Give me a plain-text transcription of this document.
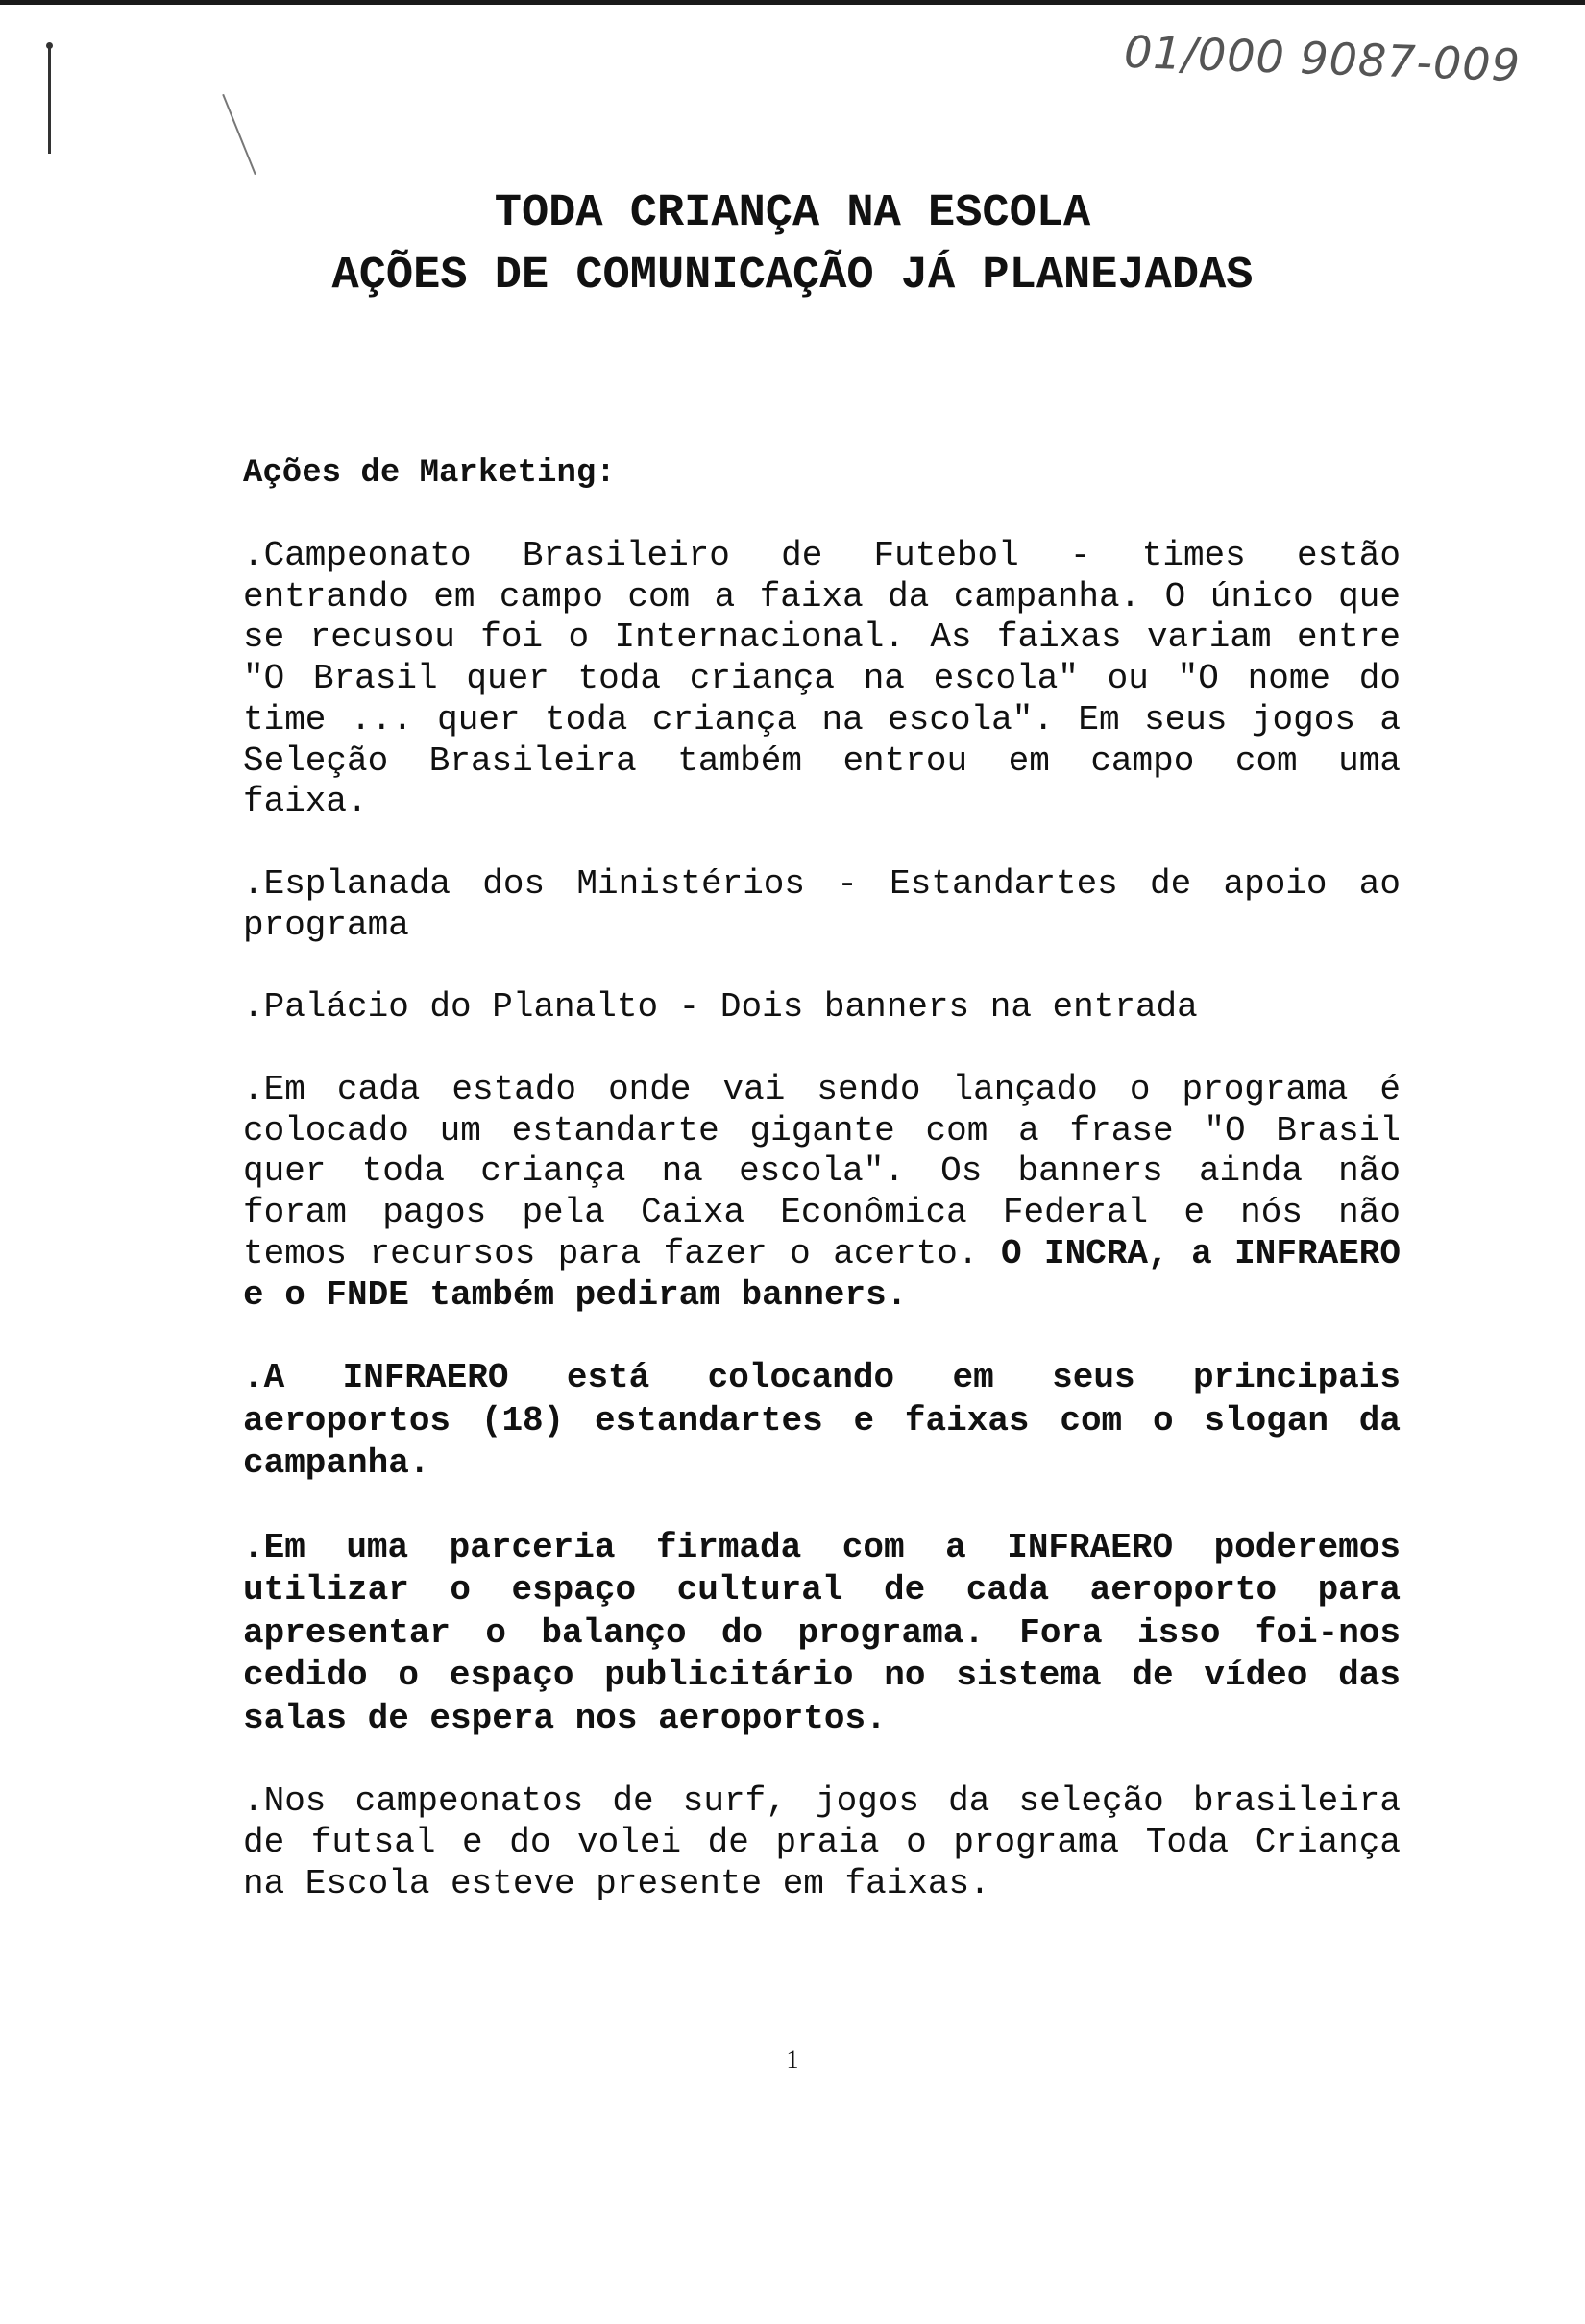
01/000 9087-009
TODA CRIANÇA NA ESCOLA
AÇÕES DE COMUNICAÇÃO JÁ PLANEJADAS
Ações de Marketing:

.Campeonato Brasileiro de Futebol - times estão entrando em campo com a faixa da campanha. O único que se recusou foi o Internacional. As faixas variam entre "O Brasil quer toda criança na escola" ou "O nome do time ... quer toda criança na escola". Em seus jogos a Seleção Brasileira também entrou em campo com uma faixa.

.Esplanada dos Ministérios - Estandartes de apoio ao programa

.Palácio do Planalto - Dois banners na entrada

.Em cada estado onde vai sendo lançado o programa é colocado um estandarte gigante com a frase "O Brasil quer toda criança na escola". Os banners ainda não foram pagos pela Caixa Econômica Federal e nós não temos recursos para fazer o acerto. O INCRA, a INFRAERO e o FNDE também pediram banners.

.A INFRAERO está colocando em seus principais aeroportos (18) estandartes e faixas com o slogan da campanha.

.Em uma parceria firmada com a INFRAERO poderemos utilizar o espaço cultural de cada aeroporto para apresentar o balanço do programa. Fora isso foi-nos cedido o espaço publicitário no sistema de vídeo das salas de espera nos aeroportos.

.Nos campeonatos de surf, jogos da seleção brasileira de futsal e do volei de praia o programa Toda Criança na Escola esteve presente em faixas.

1
